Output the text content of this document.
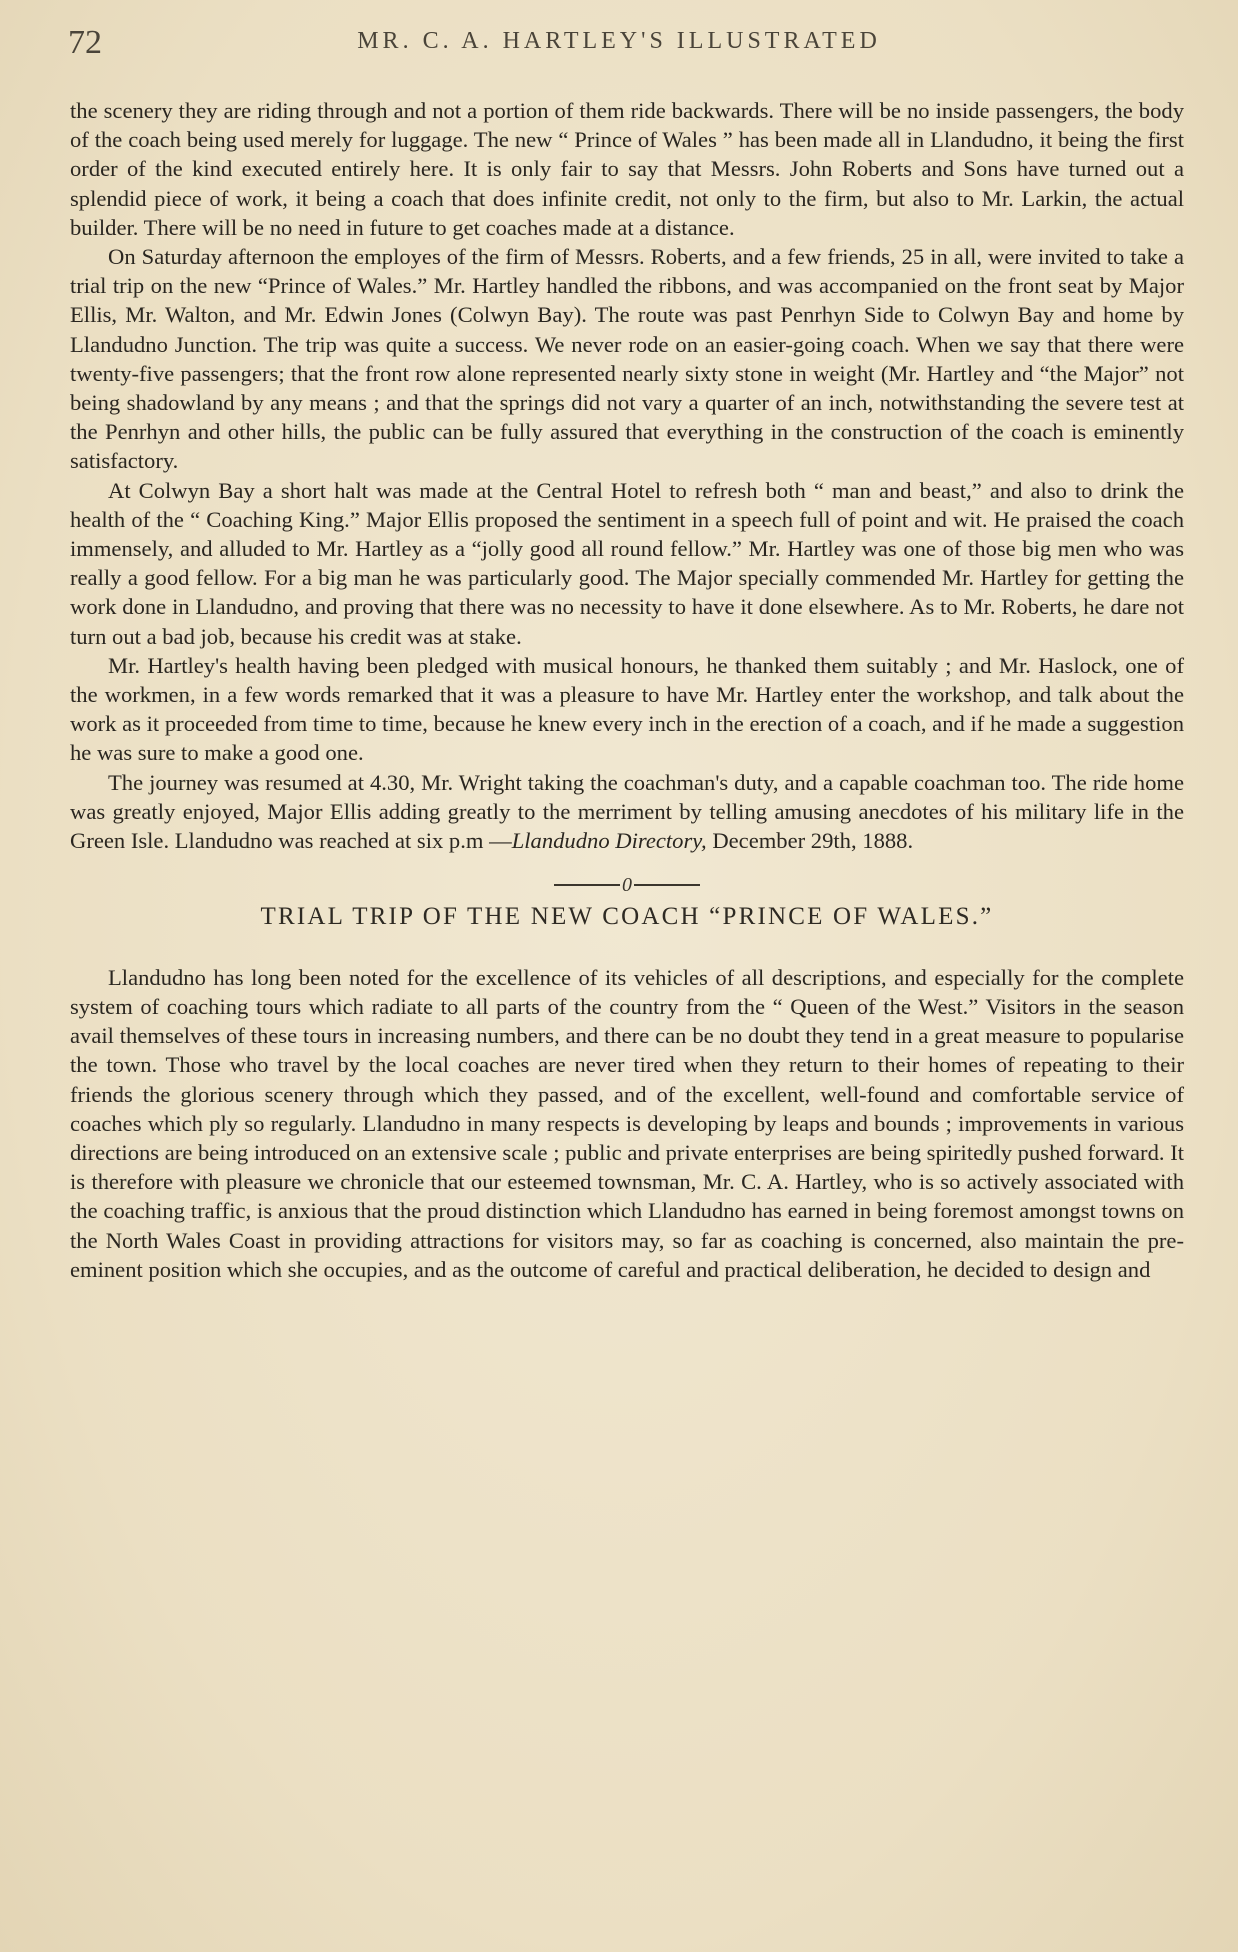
72	MR. C. A. HARTLEY'S ILLUSTRATED

the scenery they are riding through and not a portion of them ride backwards. There will be no inside passengers, the body of the coach being used merely for luggage. The new “ Prince of Wales ” has been made all in Llandudno, it being the first order of the kind executed entirely here. It is only fair to say that Messrs. John Roberts and Sons have turned out a splendid piece of work, it being a coach that does infinite credit, not only to the firm, but also to Mr. Larkin, the actual builder. There will be no need in future to get coaches made at a distance.

On Saturday afternoon the employes of the firm of Messrs. Roberts, and a few friends, 25 in all, were invited to take a trial trip on the new “Prince of Wales.” Mr. Hartley handled the ribbons, and was accompanied on the front seat by Major Ellis, Mr. Walton, and Mr. Edwin Jones (Colwyn Bay). The route was past Penrhyn Side to Colwyn Bay and home by Llandudno Junction. The trip was quite a success. We never rode on an easier-going coach. When we say that there were twenty-five passengers; that the front row alone represented nearly sixty stone in weight (Mr. Hartley and “the Major” not being shadowland by any means ; and that the springs did not vary a quarter of an inch, notwithstanding the severe test at the Penrhyn and other hills, the public can be fully assured that everything in the construction of the coach is eminently satisfactory.

At Colwyn Bay a short halt was made at the Central Hotel to refresh both “ man and beast,” and also to drink the health of the “ Coaching King.” Major Ellis proposed the sentiment in a speech full of point and wit. He praised the coach immensely, and alluded to Mr. Hartley as a “jolly good all round fellow.” Mr. Hartley was one of those big men who was really a good fellow. For a big man he was particularly good. The Major specially commended Mr. Hartley for getting the work done in Llandudno, and proving that there was no necessity to have it done elsewhere. As to Mr. Roberts, he dare not turn out a bad job, because his credit was at stake.

Mr. Hartley's health having been pledged with musical honours, he thanked them suitably ; and Mr. Haslock, one of the workmen, in a few words remarked that it was a pleasure to have Mr. Hartley enter the workshop, and talk about the work as it proceeded from time to time, because he knew every inch in the erection of a coach, and if he made a suggestion he was sure to make a good one.

The journey was resumed at 4.30, Mr. Wright taking the coachman's duty, and a capable coachman too. The ride home was greatly enjoyed, Major Ellis adding greatly to the merriment by telling amusing anecdotes of his military life in the Green Isle. Llandudno was reached at six p.m —Llandudno Directory, December 29th, 1888.

0
TRIAL TRIP OF THE NEW COACH “PRINCE OF WALES.”

Llandudno has long been noted for the excellence of its vehicles of all descriptions, and especially for the complete system of coaching tours which radiate to all parts of the country from the “ Queen of the West.” Visitors in the season avail themselves of these tours in increasing numbers, and there can be no doubt they tend in a great measure to popularise the town. Those who travel by the local coaches are never tired when they return to their homes of repeating to their friends the glorious scenery through which they passed, and of the excellent, well-found and comfortable service of coaches which ply so regularly. Llandudno in many respects is developing by leaps and bounds ; improvements in various directions are being introduced on an extensive scale ; public and private enterprises are being spiritedly pushed forward. It is therefore with pleasure we chronicle that our esteemed townsman, Mr. C. A. Hartley, who is so actively associated with the coaching traffic, is anxious that the proud distinction which Llandudno has earned in being foremost amongst towns on the North Wales Coast in providing attractions for visitors may, so far as coaching is concerned, also maintain the pre-eminent position which she occupies, and as the outcome of careful and practical deliberation, he decided to design and
